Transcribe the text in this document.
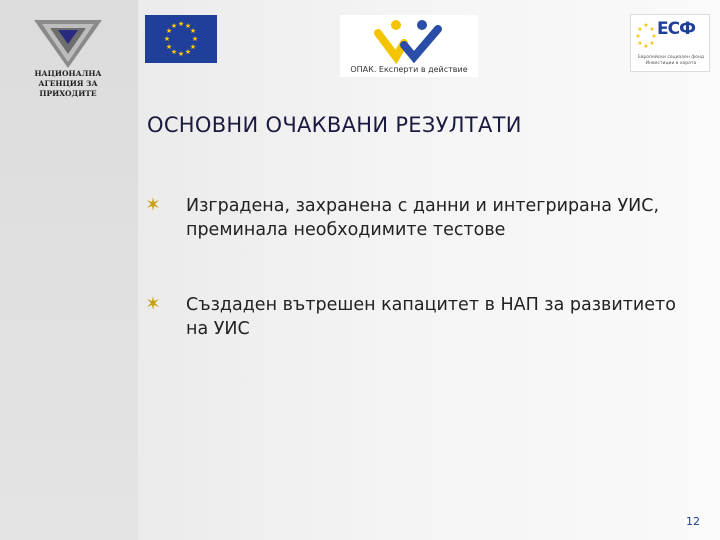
НАЦИОНАЛНА
АГЕНЦИЯ ЗА
ПРИХОДИТЕ
★ ★
★
★
★
★
★
★
★
★
★
★
ОПАК. Експерти в действие
★
★
★
★
★
★
★
★ ЕСФ
Европейски социален фонд Инвестиции в хората
ОСНОВНИ ОЧАКВАНИ РЕЗУЛТАТИ
Изградена, захранена с данни и интегрирана УИС, преминала необходимите тестове
Създаден вътрешен капацитет в НАП за развитието на УИС
12
